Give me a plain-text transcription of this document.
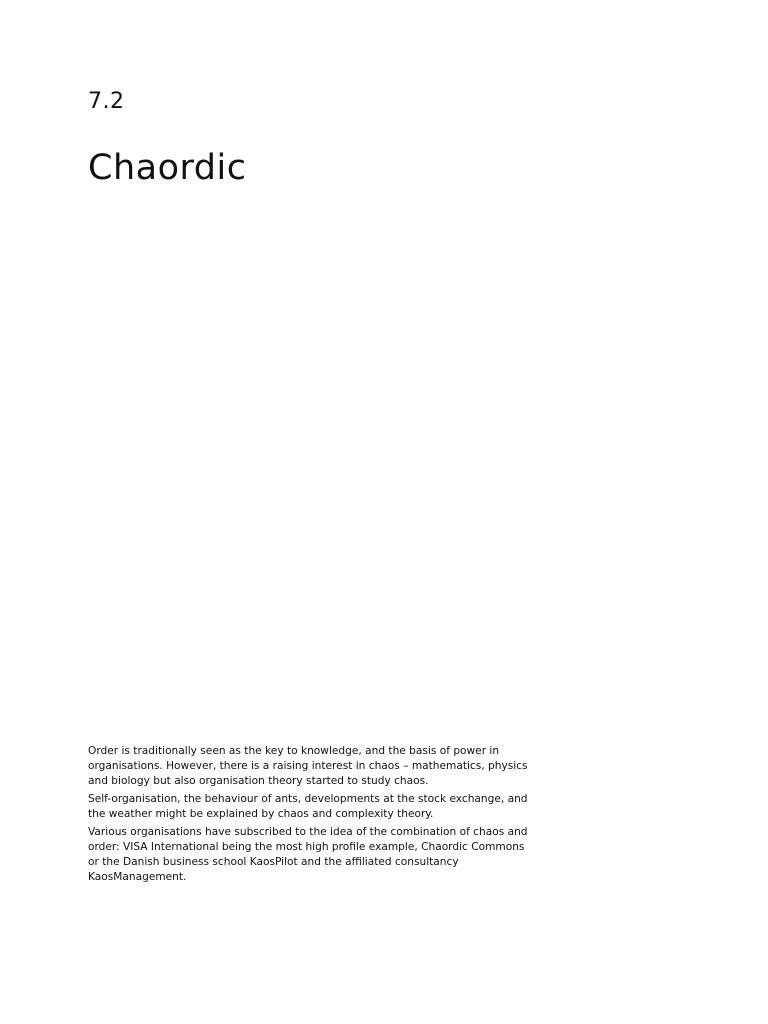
7.2
Chaordic

Order is traditionally seen as the key to knowledge, and the basis of power in
organisations. However, there is a raising interest in chaos – mathematics, physics
and biology but also organisation theory started to study chaos.

Self-organisation, the behaviour of ants, developments at the stock exchange, and
the weather might be explained by chaos and complexity theory.

Various organisations have subscribed to the idea of the combination of chaos and
order: VISA International being the most high profile example, Chaordic Commons
or the Danish business school KaosPilot and the affiliated consultancy
KaosManagement.
